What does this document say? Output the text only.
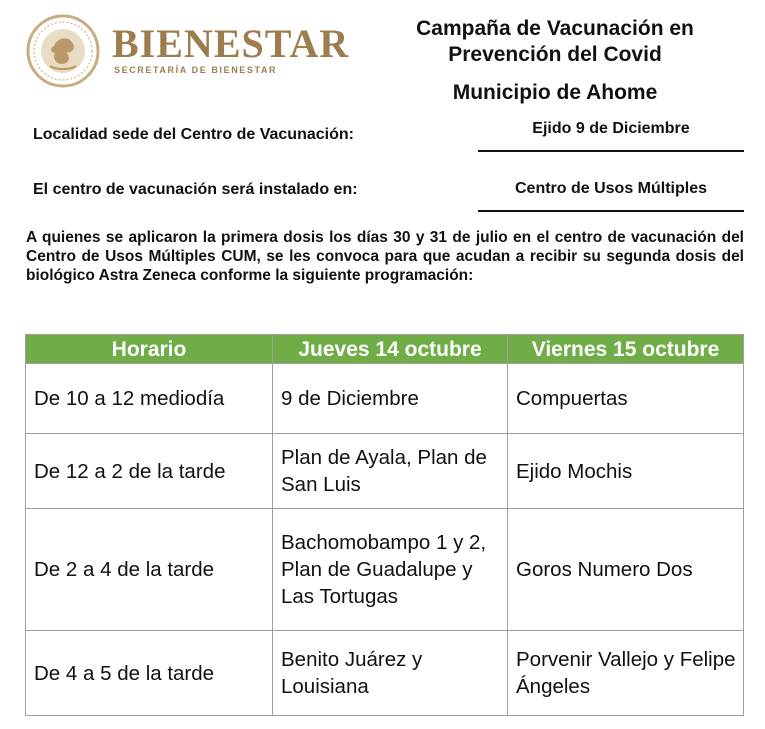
BIENESTAR
SECRETARÍA DE BIENESTAR
Campaña de Vacunación en
Prevención del Covid
Municipio de Ahome
Localidad sede del Centro de Vacunación:	Ejido 9 de Diciembre
El centro de vacunación será instalado en:	Centro de Usos Múltiples

A quienes se aplicaron la primera dosis los días 30 y 31 de julio en el centro de vacunación del Centro de Usos Múltiples CUM, se les convoca para que acudan a recibir su segunda dosis del biológico Astra Zeneca conforme la siguiente programación:

Horario	Jueves 14 octubre	Viernes 15 octubre
De 10 a 12 mediodía	9 de Diciembre	Compuertas
De 12 a 2 de la tarde	Plan de Ayala, Plan de San Luis	Ejido Mochis
De 2 a 4 de la tarde	Bachomobampo 1 y 2, Plan de Guadalupe y Las Tortugas	Goros Numero Dos
De 4 a 5 de la tarde	Benito Juárez y Louisiana	Porvenir Vallejo y Felipe Ángeles
